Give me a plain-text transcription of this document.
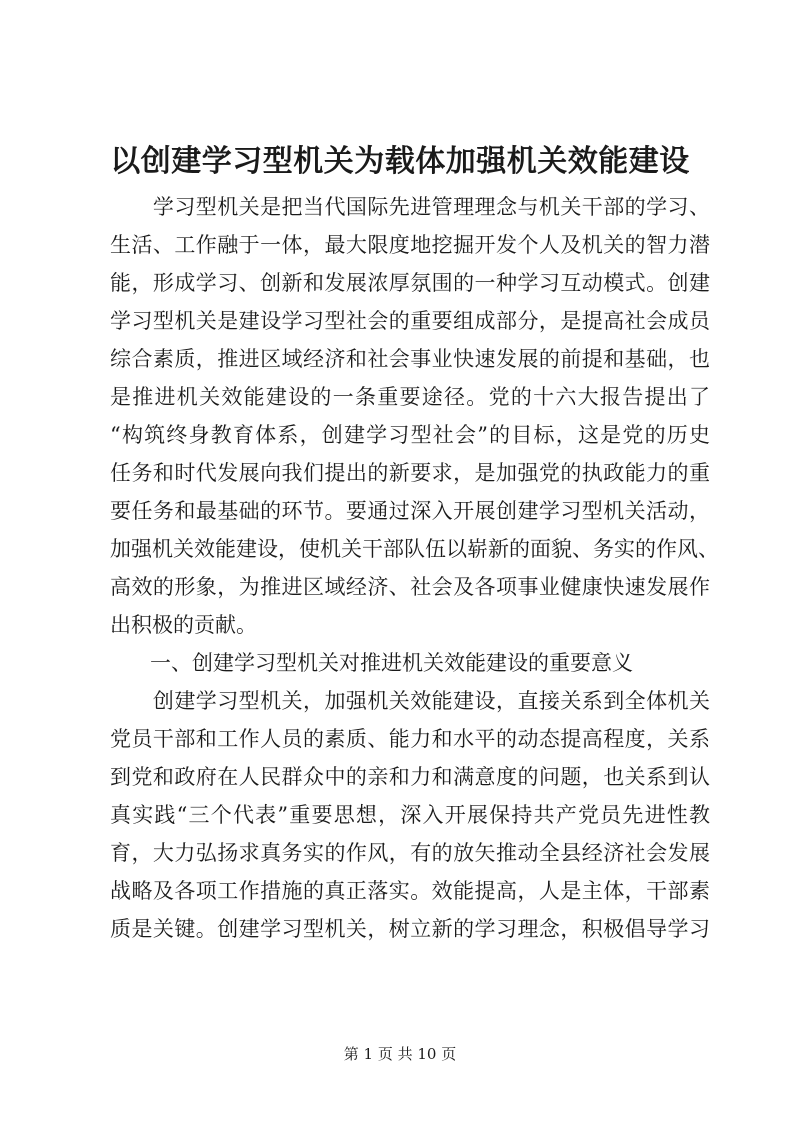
以创建学习型机关为载体加强机关效能建设
　　学习型机关是把当代国际先进管理理念与机关干部的学习、
生活、工作融于一体，最大限度地挖掘开发个人及机关的智力潜
能，形成学习、创新和发展浓厚氛围的一种学习互动模式。创建
学习型机关是建设学习型社会的重要组成部分，是提高社会成员
综合素质，推进区域经济和社会事业快速发展的前提和基础，也
是推进机关效能建设的一条重要途径。党的十六大报告提出了
“构筑终身教育体系，创建学习型社会”的目标，这是党的历史
任务和时代发展向我们提出的新要求，是加强党的执政能力的重
要任务和最基础的环节。要通过深入开展创建学习型机关活动，
加强机关效能建设，使机关干部队伍以崭新的面貌、务实的作风、
高效的形象，为推进区域经济、社会及各项事业健康快速发展作
出积极的贡献。
一、创建学习型机关对推进机关效能建设的重要意义
　　创建学习型机关，加强机关效能建设，直接关系到全体机关
党员干部和工作人员的素质、能力和水平的动态提高程度，关系
到党和政府在人民群众中的亲和力和满意度的问题，也关系到认
真实践“三个代表”重要思想，深入开展保持共产党员先进性教
育，大力弘扬求真务实的作风，有的放矢推动全县经济社会发展
战略及各项工作措施的真正落实。效能提高，人是主体，干部素
质是关键。创建学习型机关，树立新的学习理念，积极倡导学习
第 1 页 共 10 页
